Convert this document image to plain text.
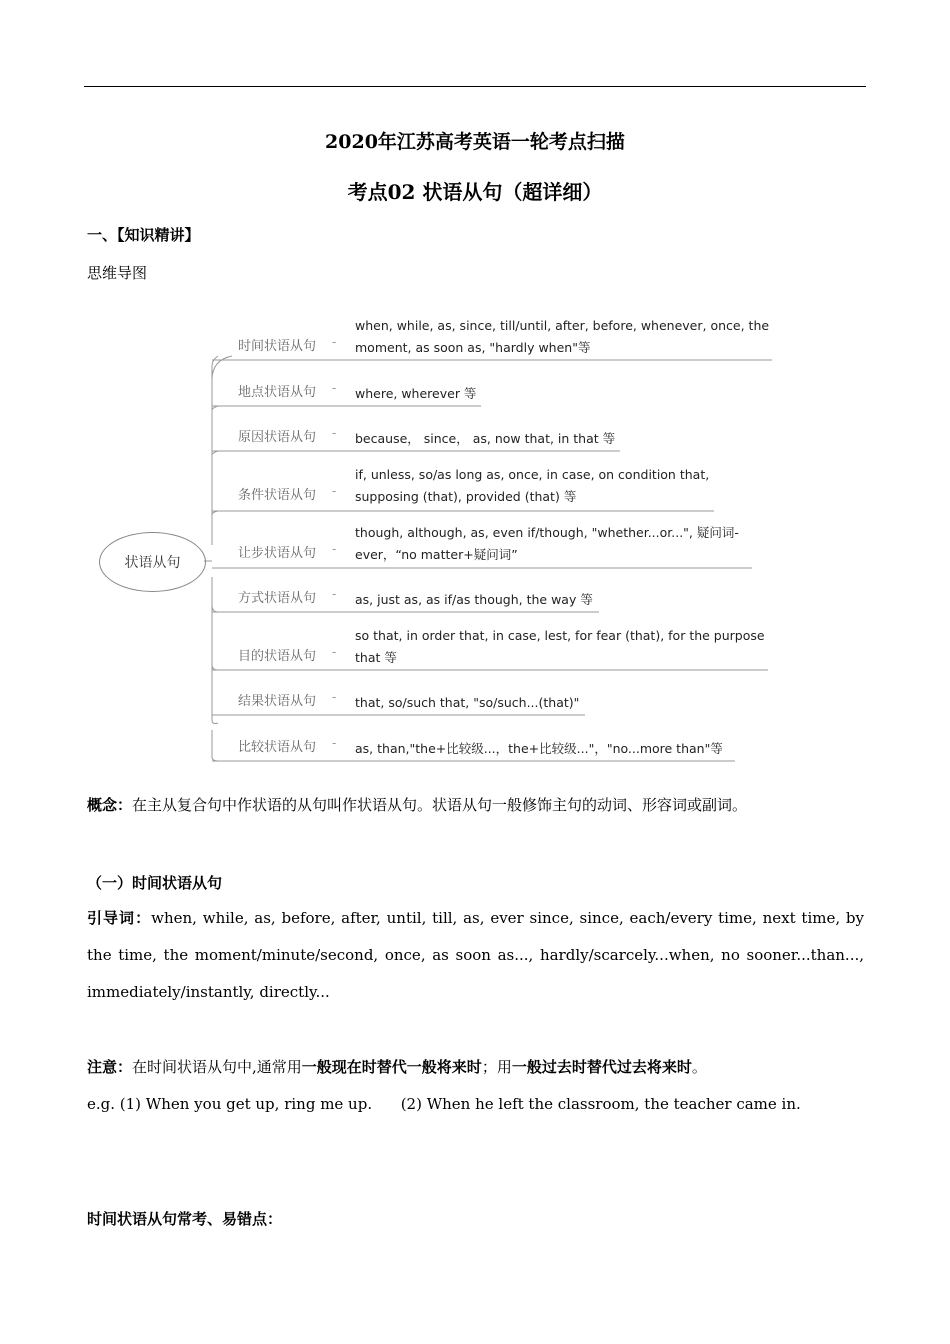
2020年江苏高考英语一轮考点扫描
考点02 状语从句（超详细）
一、【知识精讲】
思维导图
状语从句
时间状语从句 -
when, while, as, since, till/until, after, before, whenever, once, the
moment, as soon as, "hardly when"等
地点状语从句 - where, wherever 等
原因状语从句 - because， since， as, now that, in that 等
条件状语从句 -
if, unless, so/as long as, once, in case, on condition that,
supposing (that), provided (that) 等
让步状语从句 -
though, although, as, even if/though, "whether...or...", 疑问词-
ever，“no matter+疑问词”
方式状语从句 - as, just as, as if/as though, the way 等
目的状语从句 -
so that, in order that, in case, lest, for fear (that), for the purpose
that 等
结果状语从句 - that, so/such that, "so/such...(that)"
比较状语从句 - as, than,"the+比较级...，the+比较级..."，"no...more than"等
概念：在主从复合句中作状语的从句叫作状语从句。状语从句一般修饰主句的动词、形容词或副词。
（一）时间状语从句
引导词：when, while, as, before, after, until, till, as, ever since, since, each/every time, next time, by the time, the moment/minute/second, once, as soon as..., hardly/scarcely...when, no sooner...than..., immediately/instantly, directly...
注意：在时间状语从句中,通常用一般现在时替代一般将来时；用一般过去时替代过去将来时。
e.g. (1) When you get up, ring me up.      (2) When he left the classroom, the teacher came in.
时间状语从句常考、易错点：
